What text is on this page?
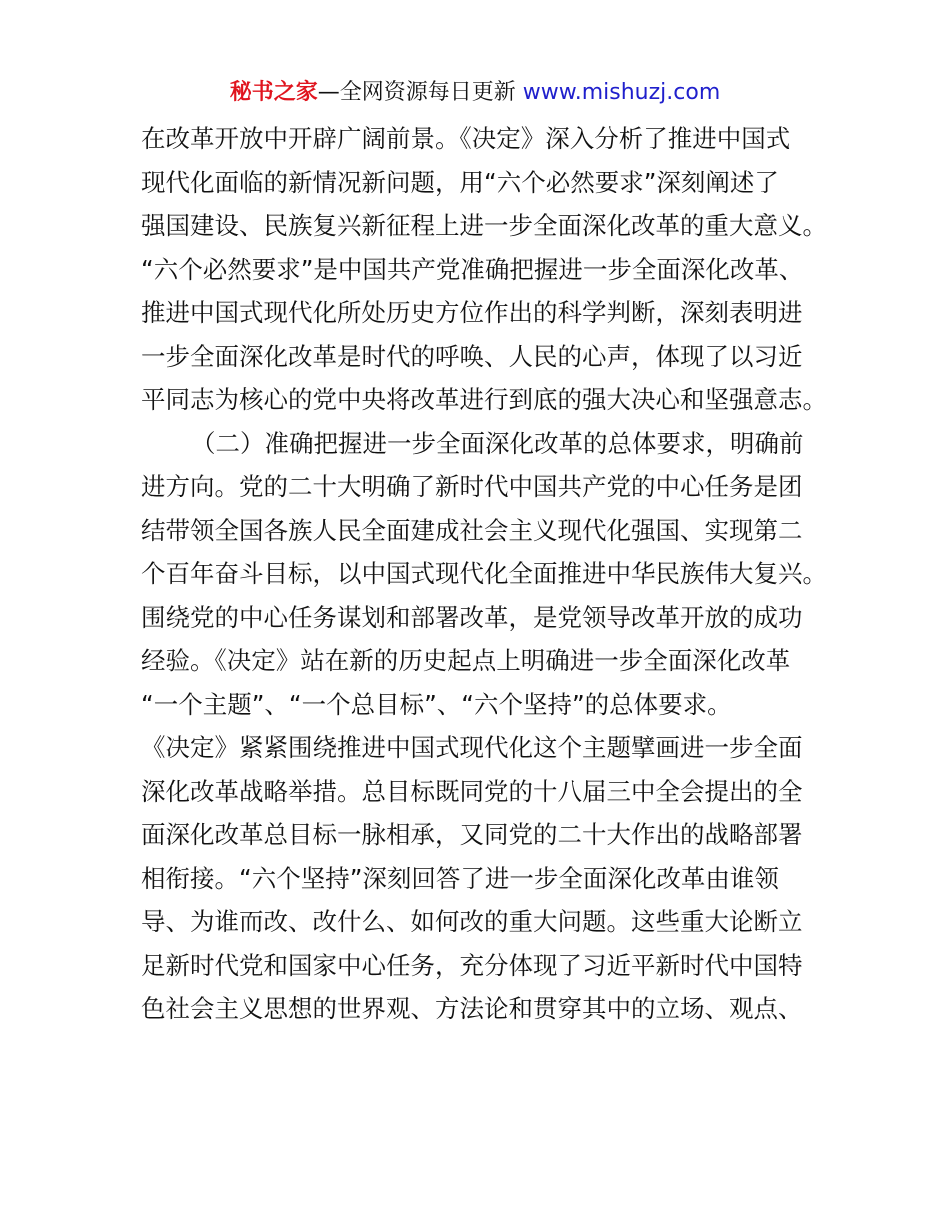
秘书之家—全网资源每日更新 www.mishuzj.com
在改革开放中开辟广阔前景。《决定》深入分析了推进中国式
现代化面临的新情况新问题，用“六个必然要求”深刻阐述了
强国建设、民族复兴新征程上进一步全面深化改革的重大意义。
“六个必然要求”是中国共产党准确把握进一步全面深化改革、
推进中国式现代化所处历史方位作出的科学判断，深刻表明进
一步全面深化改革是时代的呼唤、人民的心声，体现了以习近
平同志为核心的党中央将改革进行到底的强大决心和坚强意志。
（二）准确把握进一步全面深化改革的总体要求，明确前
进方向。党的二十大明确了新时代中国共产党的中心任务是团
结带领全国各族人民全面建成社会主义现代化强国、实现第二
个百年奋斗目标，以中国式现代化全面推进中华民族伟大复兴。
围绕党的中心任务谋划和部署改革，是党领导改革开放的成功
经验。《决定》站在新的历史起点上明确进一步全面深化改革
“一个主题”、“一个总目标”、“六个坚持”的总体要求。
《决定》紧紧围绕推进中国式现代化这个主题擘画进一步全面
深化改革战略举措。总目标既同党的十八届三中全会提出的全
面深化改革总目标一脉相承，又同党的二十大作出的战略部署
相衔接。“六个坚持”深刻回答了进一步全面深化改革由谁领
导、为谁而改、改什么、如何改的重大问题。这些重大论断立
足新时代党和国家中心任务，充分体现了习近平新时代中国特
色社会主义思想的世界观、方法论和贯穿其中的立场、观点、
